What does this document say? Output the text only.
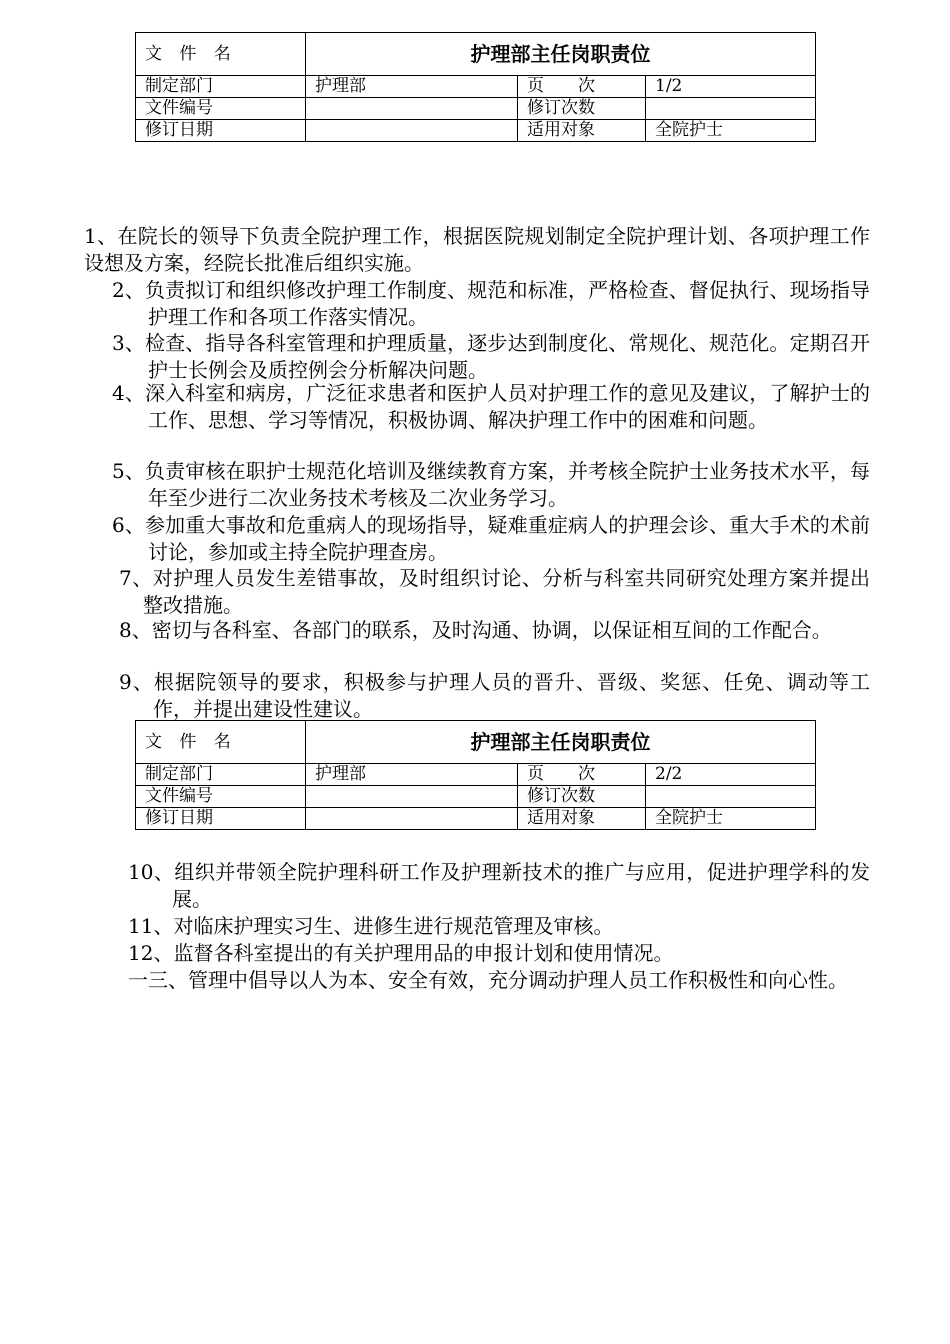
文 件 名	护理部主任岗职责位		
制定部门	护理部	页　　次	1/2
文件编号		修订次数	
修订日期		适用对象	全院护士

1、在院长的领导下负责全院护理工作，根据医院规划制定全院护理计划、各项护理工作设想及方案，经院长批准后组织实施。

2、负责拟订和组织修改护理工作制度、规范和标准，严格检查、督促执行、现场指导护理工作和各项工作落实情况。

3、检查、指导各科室管理和护理质量，逐步达到制度化、常规化、规范化。定期召开护士长例会及质控例会分析解决问题。

4、深入科室和病房，广泛征求患者和医护人员对护理工作的意见及建议，了解护士的工作、思想、学习等情况，积极协调、解决护理工作中的困难和问题。

5、负责审核在职护士规范化培训及继续教育方案，并考核全院护士业务技术水平，每年至少进行二次业务技术考核及二次业务学习。

6、参加重大事故和危重病人的现场指导，疑难重症病人的护理会诊、重大手术的术前讨论，参加或主持全院护理查房。

7、对护理人员发生差错事故，及时组织讨论、分析与科室共同研究处理方案并提出整改措施。

8、密切与各科室、各部门的联系，及时沟通、协调，以保证相互间的工作配合。

9、根据院领导的要求，积极参与护理人员的晋升、晋级、奖惩、任免、调动等工作，并提出建设性建议。

文 件 名	护理部主任岗职责位		
制定部门	护理部	页　　次	2/2
文件编号		修订次数	
修订日期		适用对象	全院护士

10、组织并带领全院护理科研工作及护理新技术的推广与应用，促进护理学科的发展。

11、对临床护理实习生、进修生进行规范管理及审核。

12、监督各科室提出的有关护理用品的申报计划和使用情况。

一三、管理中倡导以人为本、安全有效，充分调动护理人员工作积极性和向心性。
